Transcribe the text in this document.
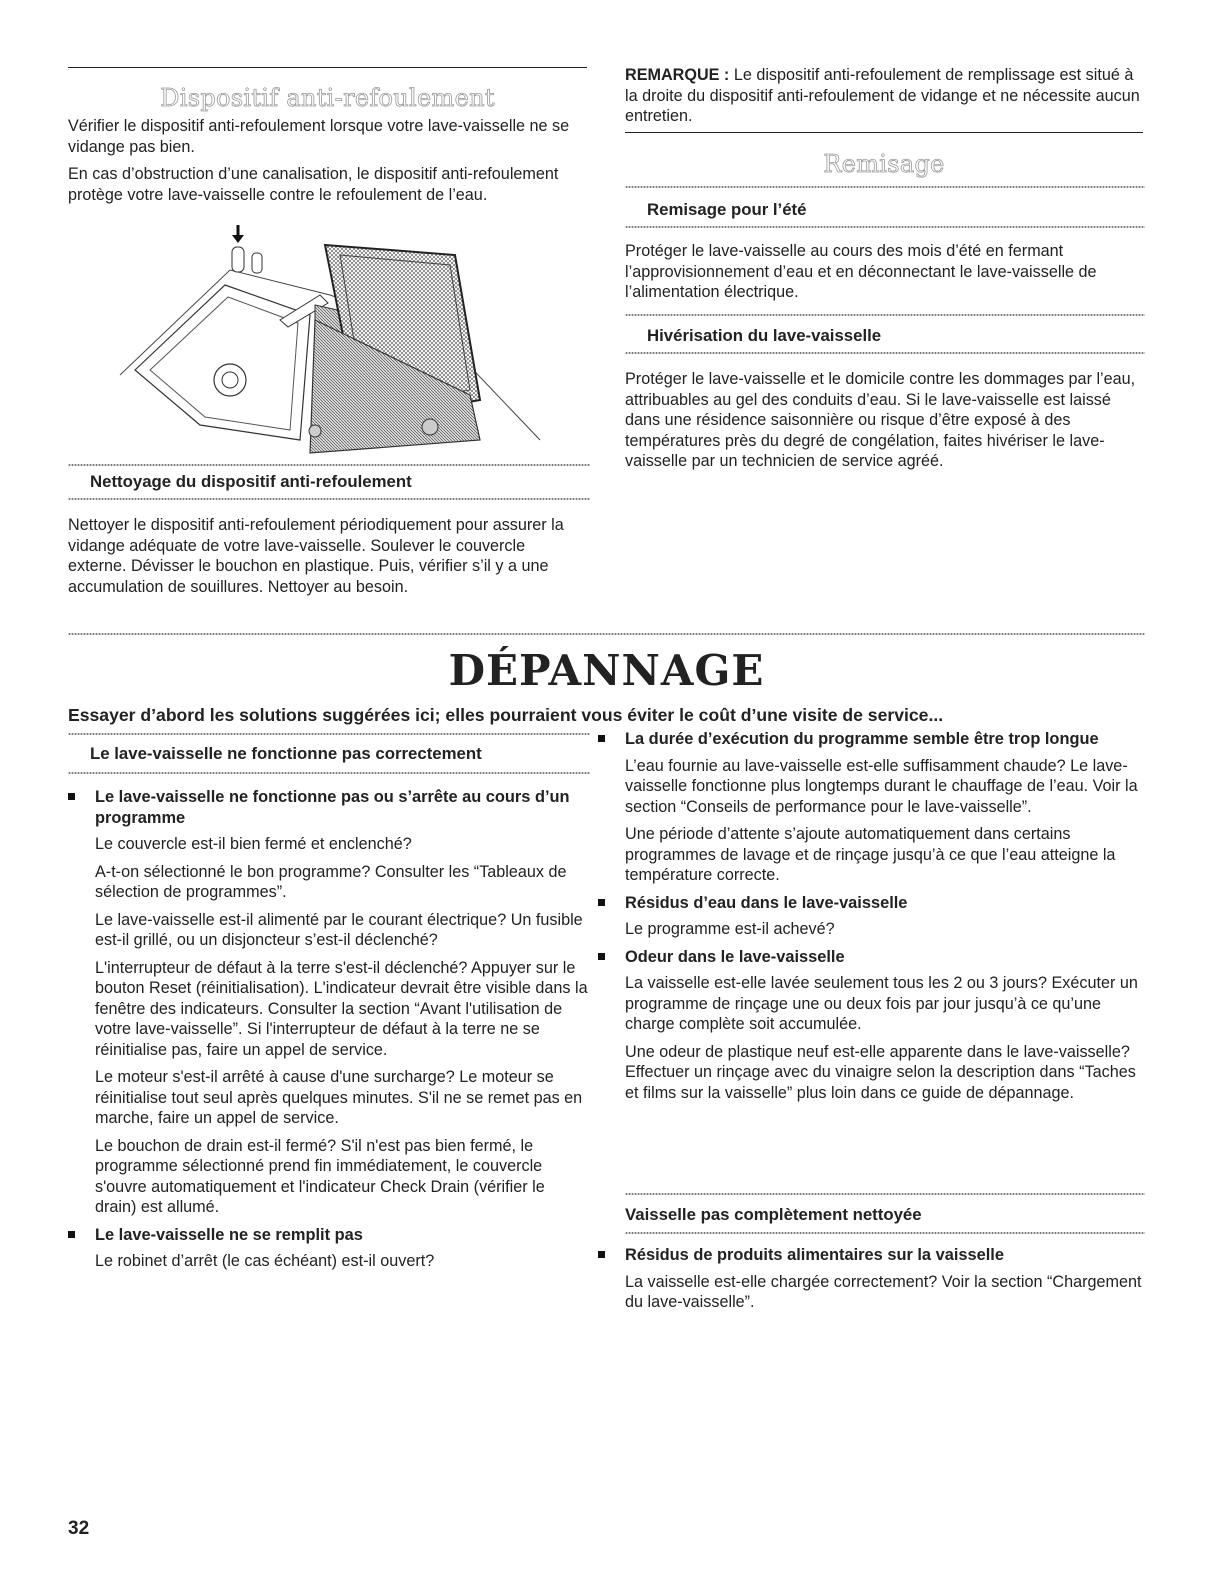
Dispositif anti-refoulement

Vérifier le dispositif anti-refoulement lorsque votre lave-vaisselle ne se vidange pas bien.

En cas d’obstruction d’une canalisation, le dispositif anti-refoulement protège votre lave-vaisselle contre le refoulement de l’eau.

Nettoyage du dispositif anti-refoulement

Nettoyer le dispositif anti-refoulement périodiquement pour assurer la vidange adéquate de votre lave-vaisselle. Soulever le couvercle externe. Dévisser le bouchon en plastique. Puis, vérifier s’il y a une accumulation de souillures. Nettoyer au besoin.

REMARQUE : Le dispositif anti-refoulement de remplissage est situé à la droite du dispositif anti-refoulement de vidange et ne nécessite aucun entretien.

Remisage
Remisage pour l’été

Protéger le lave-vaisselle au cours des mois d’été en fermant l’approvisionnement d’eau et en déconnectant le lave-vaisselle de l’alimentation électrique.

Hivérisation du lave-vaisselle

Protéger le lave-vaisselle et le domicile contre les dommages par l’eau, attribuables au gel des conduits d’eau. Si le lave-vaisselle est laissé dans une résidence saisonnière ou risque d’être exposé à des températures près du degré de congélation, faites hivériser le lave-vaisselle par un technicien de service agréé.

DÉPANNAGE
Essayer d’abord les solutions suggérées ici; elles pourraient vous éviter le coût d’une visite de service...
Le lave-vaisselle ne fonctionne pas correctement
Le lave-vaisselle ne fonctionne pas ou s’arrête au cours d’un programme

Le couvercle est-il bien fermé et enclenché?

A-t-on sélectionné le bon programme? Consulter les “Tableaux de sélection de programmes”.

Le lave-vaisselle est-il alimenté par le courant électrique? Un fusible est-il grillé, ou un disjoncteur s’est-il déclenché?

L'interrupteur de défaut à la terre s'est-il déclenché? Appuyer sur le bouton Reset (réinitialisation). L'indicateur devrait être visible dans la fenêtre des indicateurs. Consulter la section “Avant l'utilisation de votre lave-vaisselle”. Si l'interrupteur de défaut à la terre ne se réinitialise pas, faire un appel de service.

Le moteur s'est-il arrêté à cause d'une surcharge? Le moteur se réinitialise tout seul après quelques minutes. S'il ne se remet pas en marche, faire un appel de service.

Le bouchon de drain est-il fermé? S'il n'est pas bien fermé, le programme sélectionné prend fin immédiatement, le couvercle s'ouvre automatiquement et l'indicateur Check Drain (vérifier le drain) est allumé.

Le lave-vaisselle ne se remplit pas

Le robinet d’arrêt (le cas échéant) est-il ouvert?

La durée d’exécution du programme semble être trop longue

L’eau fournie au lave-vaisselle est-elle suffisamment chaude? Le lave-vaisselle fonctionne plus longtemps durant le chauffage de l’eau. Voir la section “Conseils de performance pour le lave-vaisselle”.

Une période d’attente s’ajoute automatiquement dans certains programmes de lavage et de rinçage jusqu’à ce que l’eau atteigne la température correcte.

Résidus d’eau dans le lave-vaisselle

Le programme est-il achevé?

Odeur dans le lave-vaisselle

La vaisselle est-elle lavée seulement tous les 2 ou 3 jours? Exécuter un programme de rinçage une ou deux fois par jour jusqu’à ce qu’une charge complète soit accumulée.

Une odeur de plastique neuf est-elle apparente dans le lave-vaisselle? Effectuer un rinçage avec du vinaigre selon la description dans “Taches et films sur la vaisselle” plus loin dans ce guide de dépannage.

Vaisselle pas complètement nettoyée
Résidus de produits alimentaires sur la vaisselle

La vaisselle est-elle chargée correctement? Voir la section “Chargement du lave-vaisselle”.

32
